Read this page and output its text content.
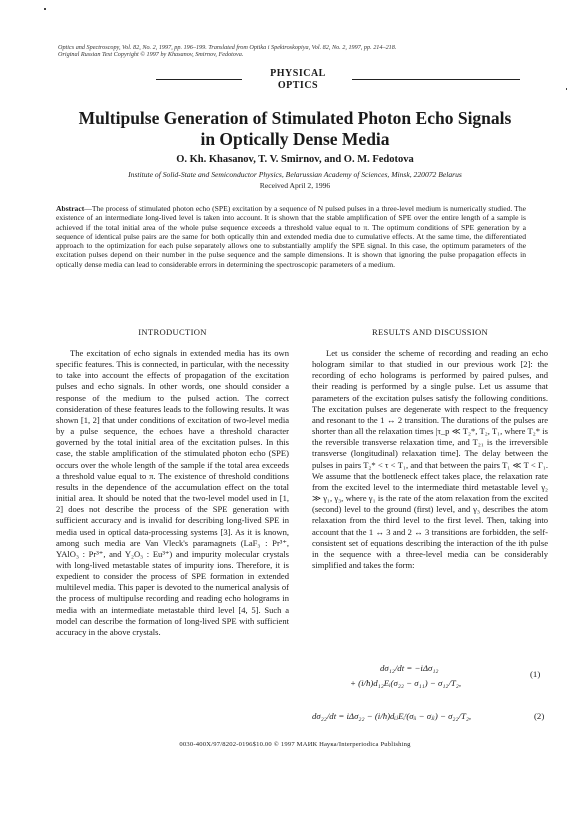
Optics and Spectroscopy, Vol. 82, No. 2, 1997, pp. 196–199. Translated from Optika i Spektroskopiya, Vol. 82, No. 2, 1997, pp. 214–218.
Original Russian Text Copyright © 1997 by Khasanov, Smirnov, Fedotova.
PHYSICAL
OPTICS
Multipulse Generation of Stimulated Photon Echo Signals
in Optically Dense Media
O. Kh. Khasanov, T. V. Smirnov, and O. M. Fedotova
Institute of Solid-State and Semiconductor Physics, Belarussian Academy of Sciences, Minsk, 220072 Belarus
Received April 2, 1996
Abstract—The process of stimulated photon echo (SPE) excitation by a sequence of N pulsed pulses in a three-level medium is numerically studied. The existence of an intermediate long-lived level is taken into account. It is shown that the stable amplification of SPE over the entire length of a sample is achieved if the total initial area of the whole pulse sequence exceeds a threshold value equal to π. The optimum conditions of SPE generation by a sequence of identical pulse pairs are the same for both optically thin and extended media due to cumulative effects. At the same time, the differentiated approach to the optimization for each pulse separately allows one to substantially amplify the SPE signal. In this case, the optimum parameters of the excitation pulses depend on their number in the pulse sequence and the sample dimensions. It is shown that ignoring the pulse propagation effects in optically dense media can lead to considerable errors in determining the spectroscopic parameters of a medium.
INTRODUCTION
The excitation of echo signals in extended media has its own specific features. This is connected, in particular, with the necessity to take into account the effects of propagation of the excitation pulses and echo signals. In other words, one should consider a response of the medium to the pulsed action. The correct consideration of these features leads to the following results. It was shown [1, 2] that under conditions of excitation of two-level media by a pulse sequence, the echoes have a threshold character governed by the total initial area of the excitation pulses. In this case, the stable amplification of the stimulated photon echo (SPE) occurs over the whole length of the sample if the total area exceeds a threshold value equal to π. The existence of threshold conditions results in the dependence of the accumulation effect on the total initial area. It should be noted that the two-level model used in [1, 2] does not describe the process of the SPE generation with sufficient accuracy and is invalid for describing long-lived SPE in media used in optical data-processing systems [3]. As it is known, among such media are Van Vleck's paramagnets (LaF₃ : Pr³⁺, YAlO₃ : Pr³⁺, and Y₂O₃ : Eu³⁺) and impurity molecular crystals with long-lived metastable states of impurity ions. Therefore, it is expedient to consider the process of SPE formation in extended multilevel media. This paper is devoted to the numerical analysis of the process of multipulse recording and reading echo holograms in media with an intermediate metastable third level [4, 5]. Such a model can describe the formation of long-lived SPE with sufficient accuracy in the above crystals.
RESULTS AND DISCUSSION
Let us consider the scheme of recording and reading an echo hologram similar to that studied in our previous work [2]: the recording of echo holograms is performed by paired pulses, and their reading is performed by a single pulse. Let us assume that parameters of the excitation pulses satisfy the following conditions. The excitation pulses are degenerate with respect to the frequency and resonant to the 1 ↔ 2 transition. The durations of the pulses are shorter than all the relaxation times |τ_p ≪ T₂*, T₂, T₁, where T₂* is the reversible transverse relaxation time, and T₂₁ is the irreversible transverse (longitudinal) relaxation time]. The delay between the pulses in pairs T₂* < τ < T₁, and that between the pairs T₁ ≪ T < Γ₁. We assume that the bottleneck effect takes place, the relaxation rate from the excited level to the intermediate third metastable level γ₂ ≫ γ₁, γ₃, where γ₁ is the rate of the atom relaxation from the excited (second) level to the ground (first) level, and γ₃ describes the atom relaxation from the third level to the first level. Then, taking into account that the 1 ↔ 3 and 2 ↔ 3 transitions are forbidden, the self-consistent set of equations describing the interaction of the ith pulse in the sequence with a three-level media can be considerably simplified and takes the form:
dσ₁₂/dt = −iΔσ₁₂
+ (i/ħ)d₁₂Eᵢ(σ₂₂ − σ₁₁) − σ₁₂/T₂,
(1)
dσ₂₂/dt = iΔσ₂₂ − (i/ħ)dᵢⱼEᵢᵗ(σᵢᵢ − σⱼᵢ) − σ₂₂/T₂,	(2)
0030-400X/97/8202-0196$10.00 © 1997 МАИК Наука/Interperiodica Publishing
